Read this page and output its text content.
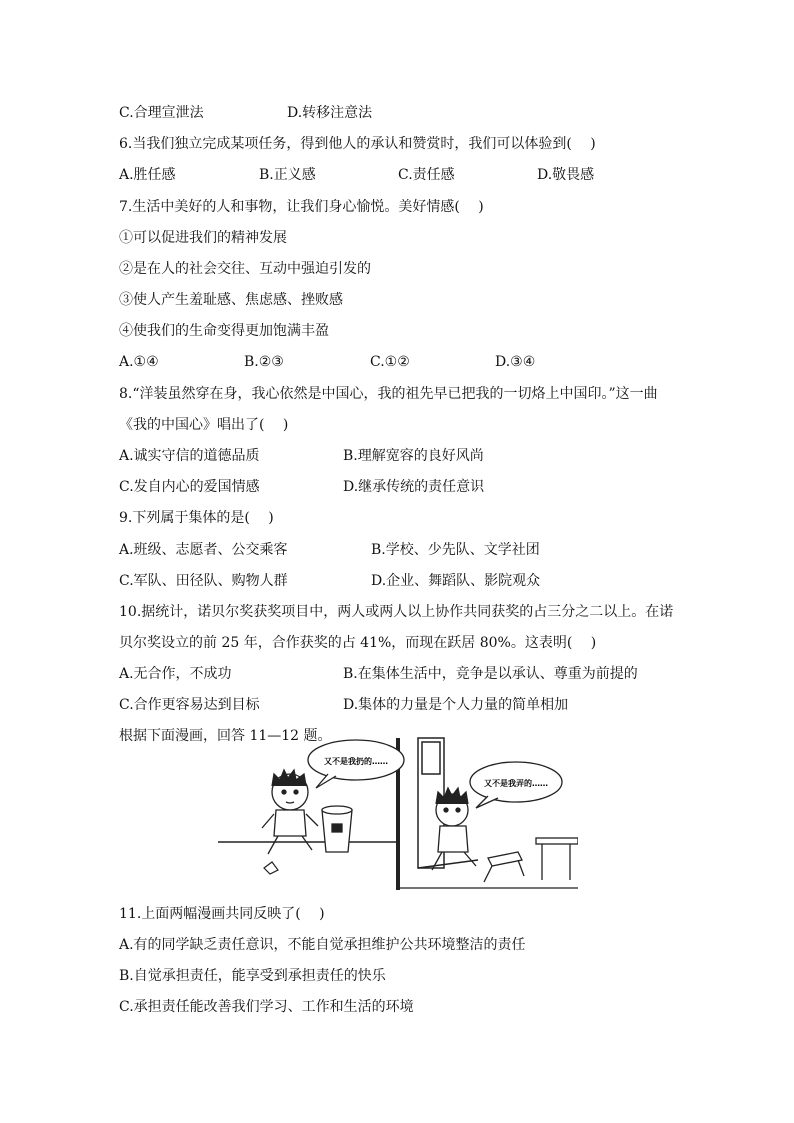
C.合理宣泄法	D.转移注意法
6.当我们独立完成某项任务，得到他人的承认和赞赏时，我们可以体验到(　 )
A.胜任感	B.正义感	C.责任感	D.敬畏感
7.生活中美好的人和事物，让我们身心愉悦。美好情感(　 )
①可以促进我们的精神发展
②是在人的社会交往、互动中强迫引发的
③使人产生羞耻感、焦虑感、挫败感
④使我们的生命变得更加饱满丰盈
A.①④	B.②③	C.①②	D.③④
8.“洋装虽然穿在身，我心依然是中国心，我的祖先早已把我的一切烙上中国印。”这一曲
《我的中国心》唱出了(　 )
A.诚实守信的道德品质	B.理解宽容的良好风尚
C.发自内心的爱国情感	D.继承传统的责任意识
9.下列属于集体的是(　 )
A.班级、志愿者、公交乘客	B.学校、少先队、文学社团
C.军队、田径队、购物人群	D.企业、舞蹈队、影院观众
10.据统计，诺贝尔奖获奖项目中，两人或两人以上协作共同获奖的占三分之二以上。在诺
贝尔奖设立的前 25 年，合作获奖的占 41%，而现在跃居 80%。这表明(　 )
A.无合作，不成功	B.在集体生活中，竞争是以承认、尊重为前提的
C.合作更容易达到目标	D.集体的力量是个人力量的简单相加
根据下面漫画，回答 11—12 题。
又不是我扔的……
又不是我弄的……
11.上面两幅漫画共同反映了(　 )
A.有的同学缺乏责任意识，不能自觉承担维护公共环境整洁的责任
B.自觉承担责任，能享受到承担责任的快乐
C.承担责任能改善我们学习、工作和生活的环境
